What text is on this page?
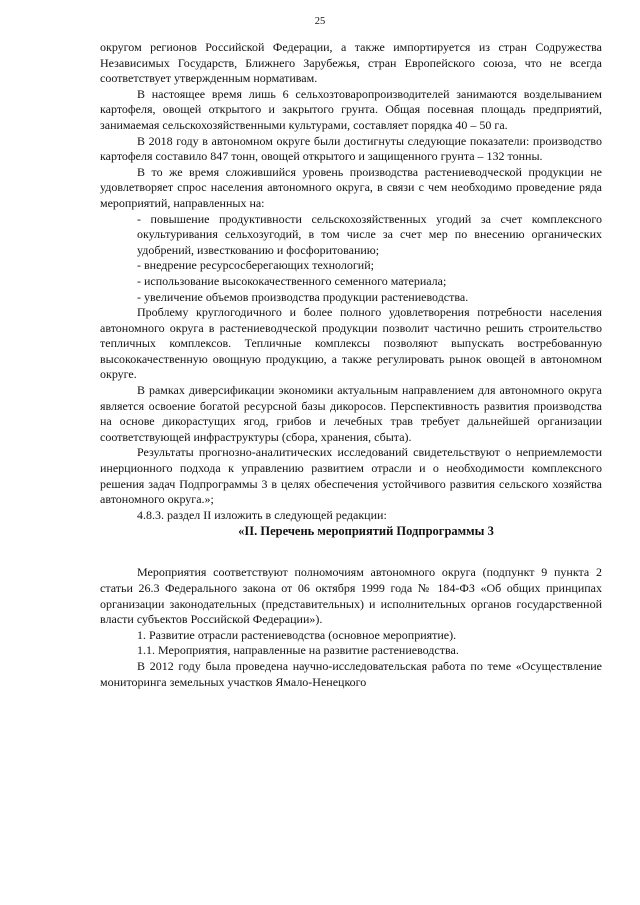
25

округом регионов Российской Федерации, а также импортируется из стран Содружества Независимых Государств, Ближнего Зарубежья, стран Европейского союза, что не всегда соответствует утвержденным нормативам.

В настоящее время лишь 6 сельхозтоваропроизводителей занимаются возделыванием картофеля, овощей открытого и закрытого грунта. Общая посевная площадь предприятий, занимаемая сельскохозяйственными культурами, составляет порядка 40 – 50 га.

В 2018 году в автономном округе были достигнуты следующие показатели: производство картофеля составило 847 тонн, овощей открытого и защищенного грунта – 132 тонны.

В то же время сложившийся уровень производства растениеводческой продукции не удовлетворяет спрос населения автономного округа, в связи с чем необходимо проведение ряда мероприятий, направленных на:

- повышение продуктивности сельскохозяйственных угодий за счет комплексного окультуривания сельхозугодий, в том числе за счет мер по внесению органических удобрений, известкованию и фосфоритованию;

- внедрение ресурсосберегающих технологий;

- использование высококачественного семенного материала;

- увеличение объемов производства продукции растениеводства.

Проблему круглогодичного и более полного удовлетворения потребности населения автономного округа в растениеводческой продукции позволит частично решить строительство тепличных комплексов. Тепличные комплексы позволяют выпускать востребованную высококачественную овощную продукцию, а также регулировать рынок овощей в автономном округе.

В рамках диверсификации экономики актуальным направлением для автономного округа является освоение богатой ресурсной базы дикоросов. Перспективность развития производства на основе дикорастущих ягод, грибов и лечебных трав требует дальнейшей организации соответствующей инфраструктуры (сбора, хранения, сбыта).

Результаты прогнозно-аналитических исследований свидетельствуют о неприемлемости инерционного подхода к управлению развитием отрасли и о необходимости комплексного решения задач Подпрограммы 3 в целях обеспечения устойчивого развития сельского хозяйства автономного округа.»;

4.8.3. раздел II изложить в следующей редакции:

«II. Перечень мероприятий Подпрограммы 3

Мероприятия соответствуют полномочиям автономного округа (подпункт 9 пункта 2 статьи 26.3 Федерального закона от 06 октября 1999 года № 184-ФЗ «Об общих принципах организации законодательных (представительных) и исполнительных органов государственной власти субъектов Российской Федерации»).

1. Развитие отрасли растениеводства (основное мероприятие).

1.1. Мероприятия, направленные на развитие растениеводства.

В 2012 году была проведена научно-исследовательская работа по теме «Осуществление мониторинга земельных участков Ямало-Ненецкого
